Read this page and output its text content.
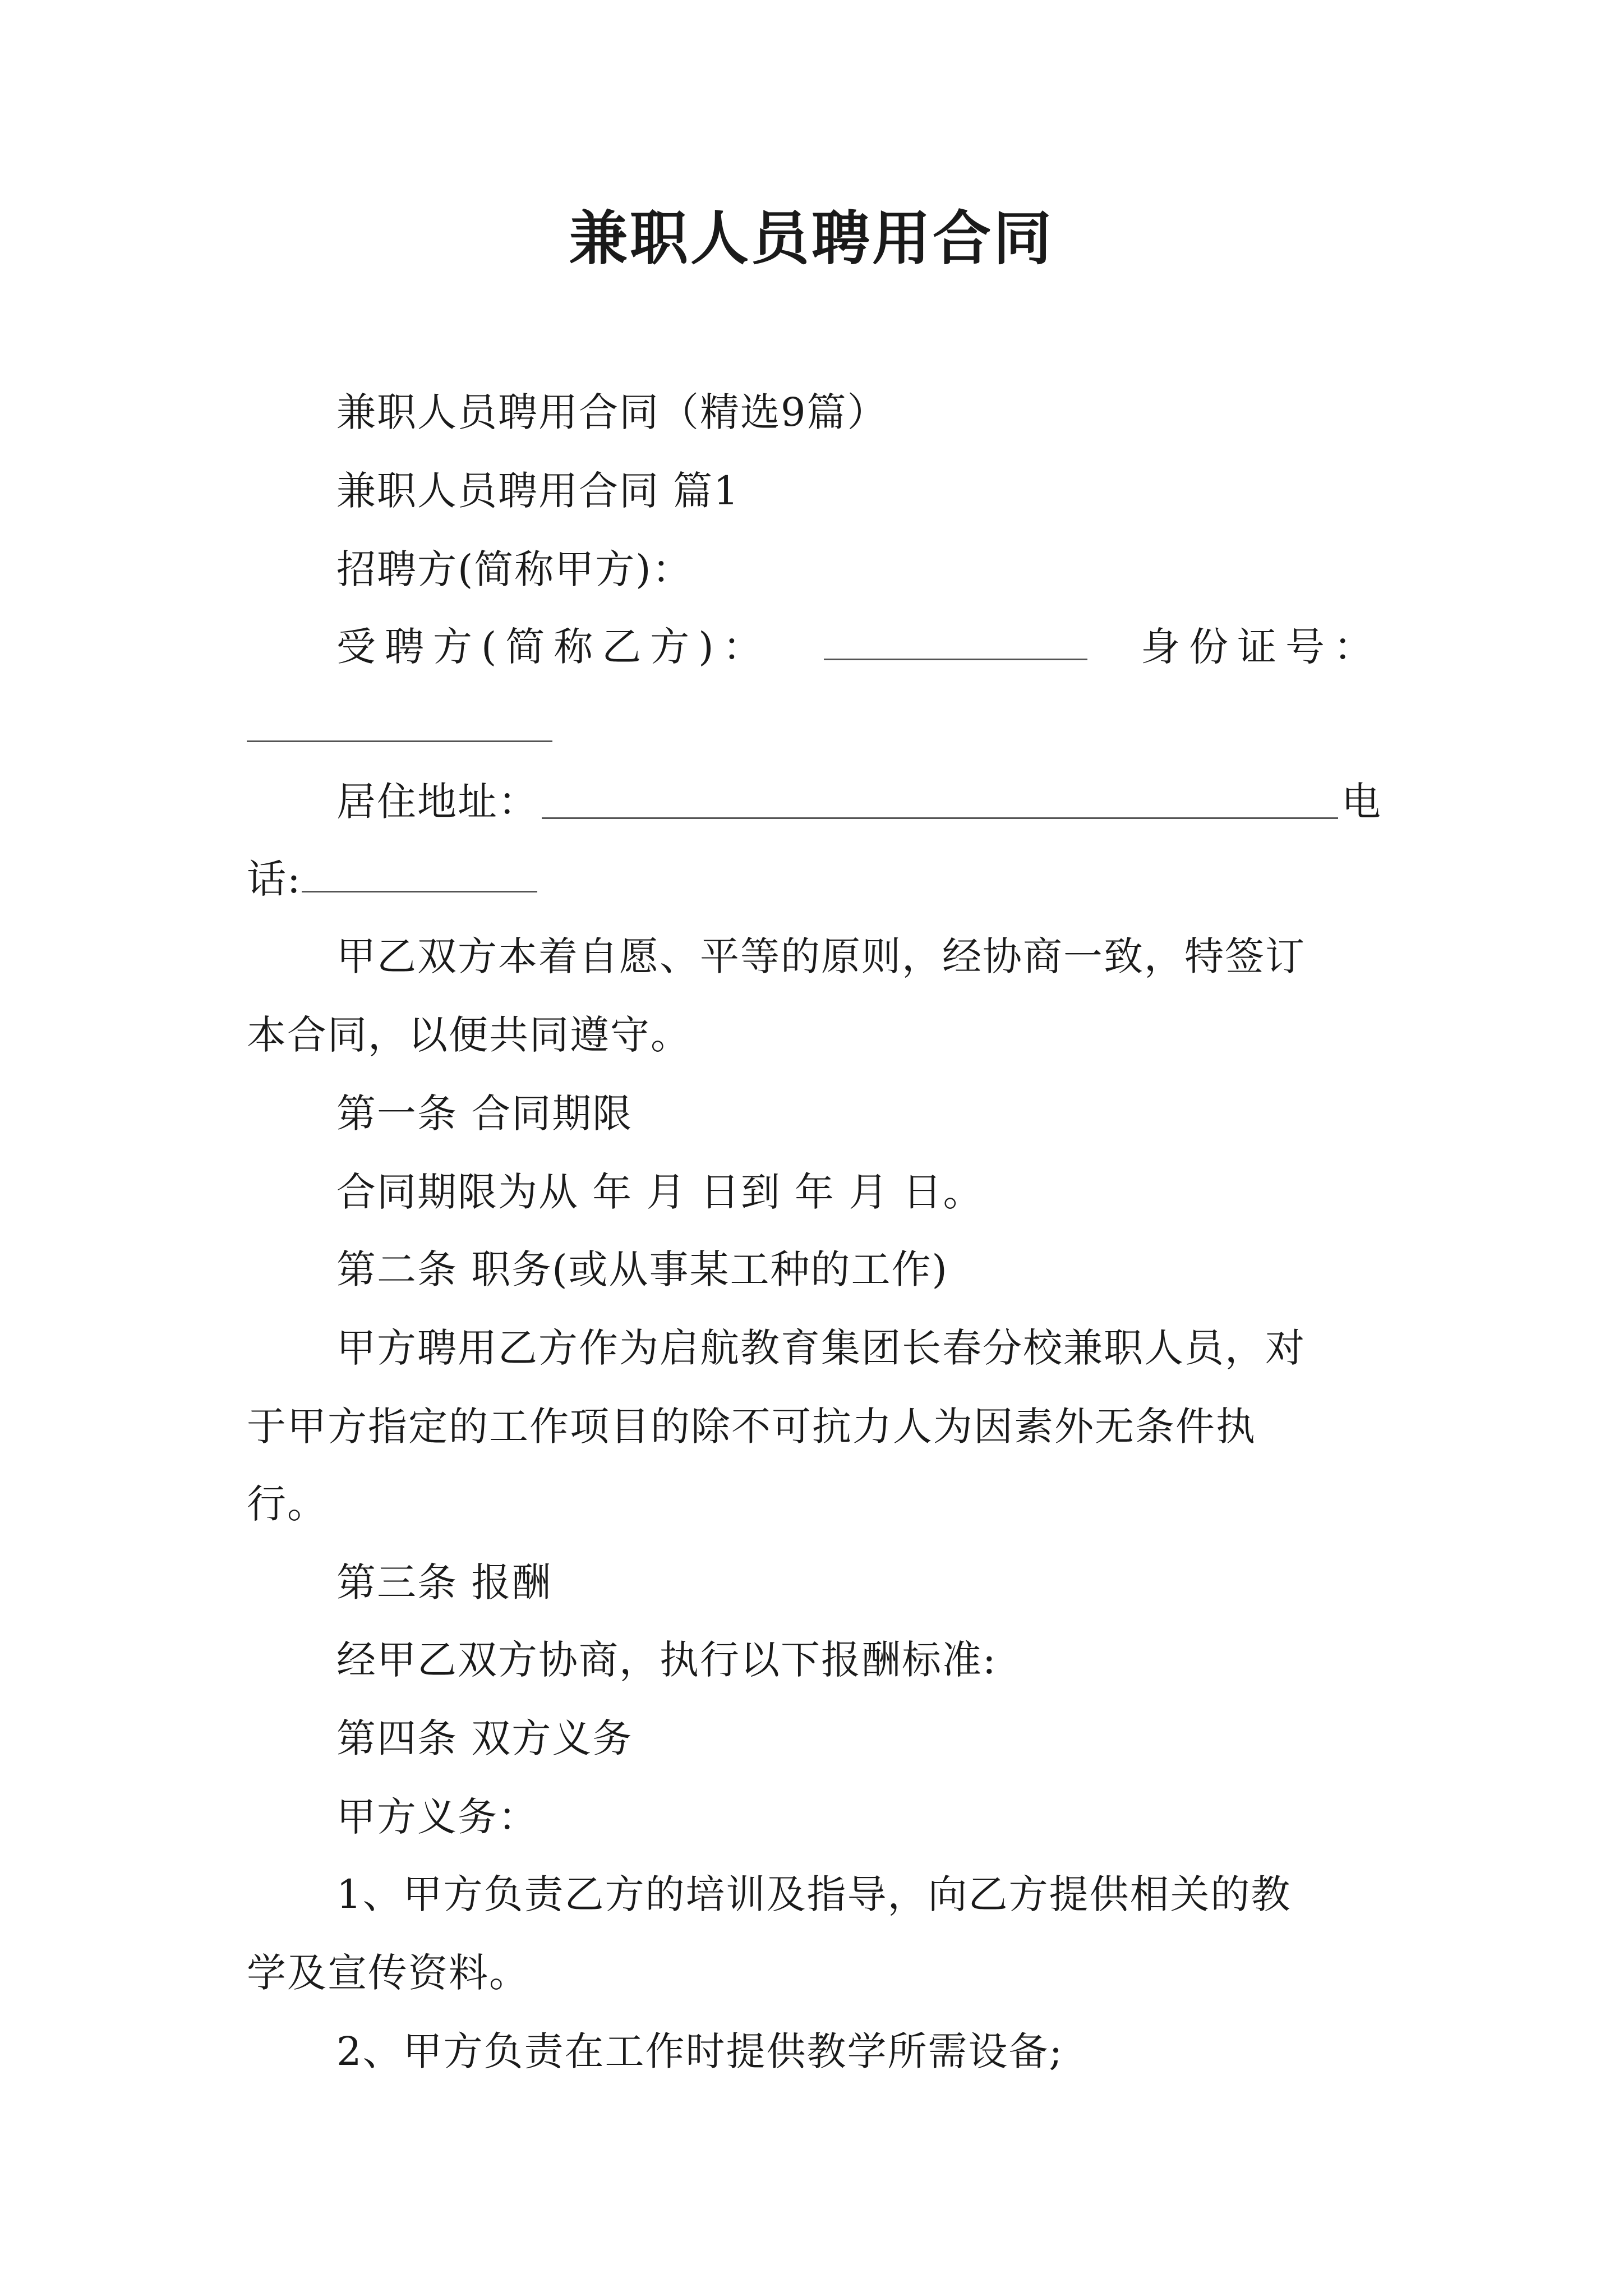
兼职人员聘用合同
兼职人员聘用合同（精选9篇）
兼职人员聘用合同 篇1
招聘方(简称甲方)：
受聘方(简称乙方)：	身份证号：
居住地址：	电
话:
甲乙双方本着自愿、平等的原则，经协商一致，特签订
本合同，以便共同遵守。
第一条 合同期限
合同期限为从 年 月 日到 年 月 日。
第二条 职务(或从事某工种的工作)
甲方聘用乙方作为启航教育集团长春分校兼职人员，对
于甲方指定的工作项目的除不可抗力人为因素外无条件执
行。
第三条 报酬
经甲乙双方协商，执行以下报酬标准:
第四条 双方义务
甲方义务：
1、甲方负责乙方的培训及指导，向乙方提供相关的教
学及宣传资料。
2、甲方负责在工作时提供教学所需设备;
